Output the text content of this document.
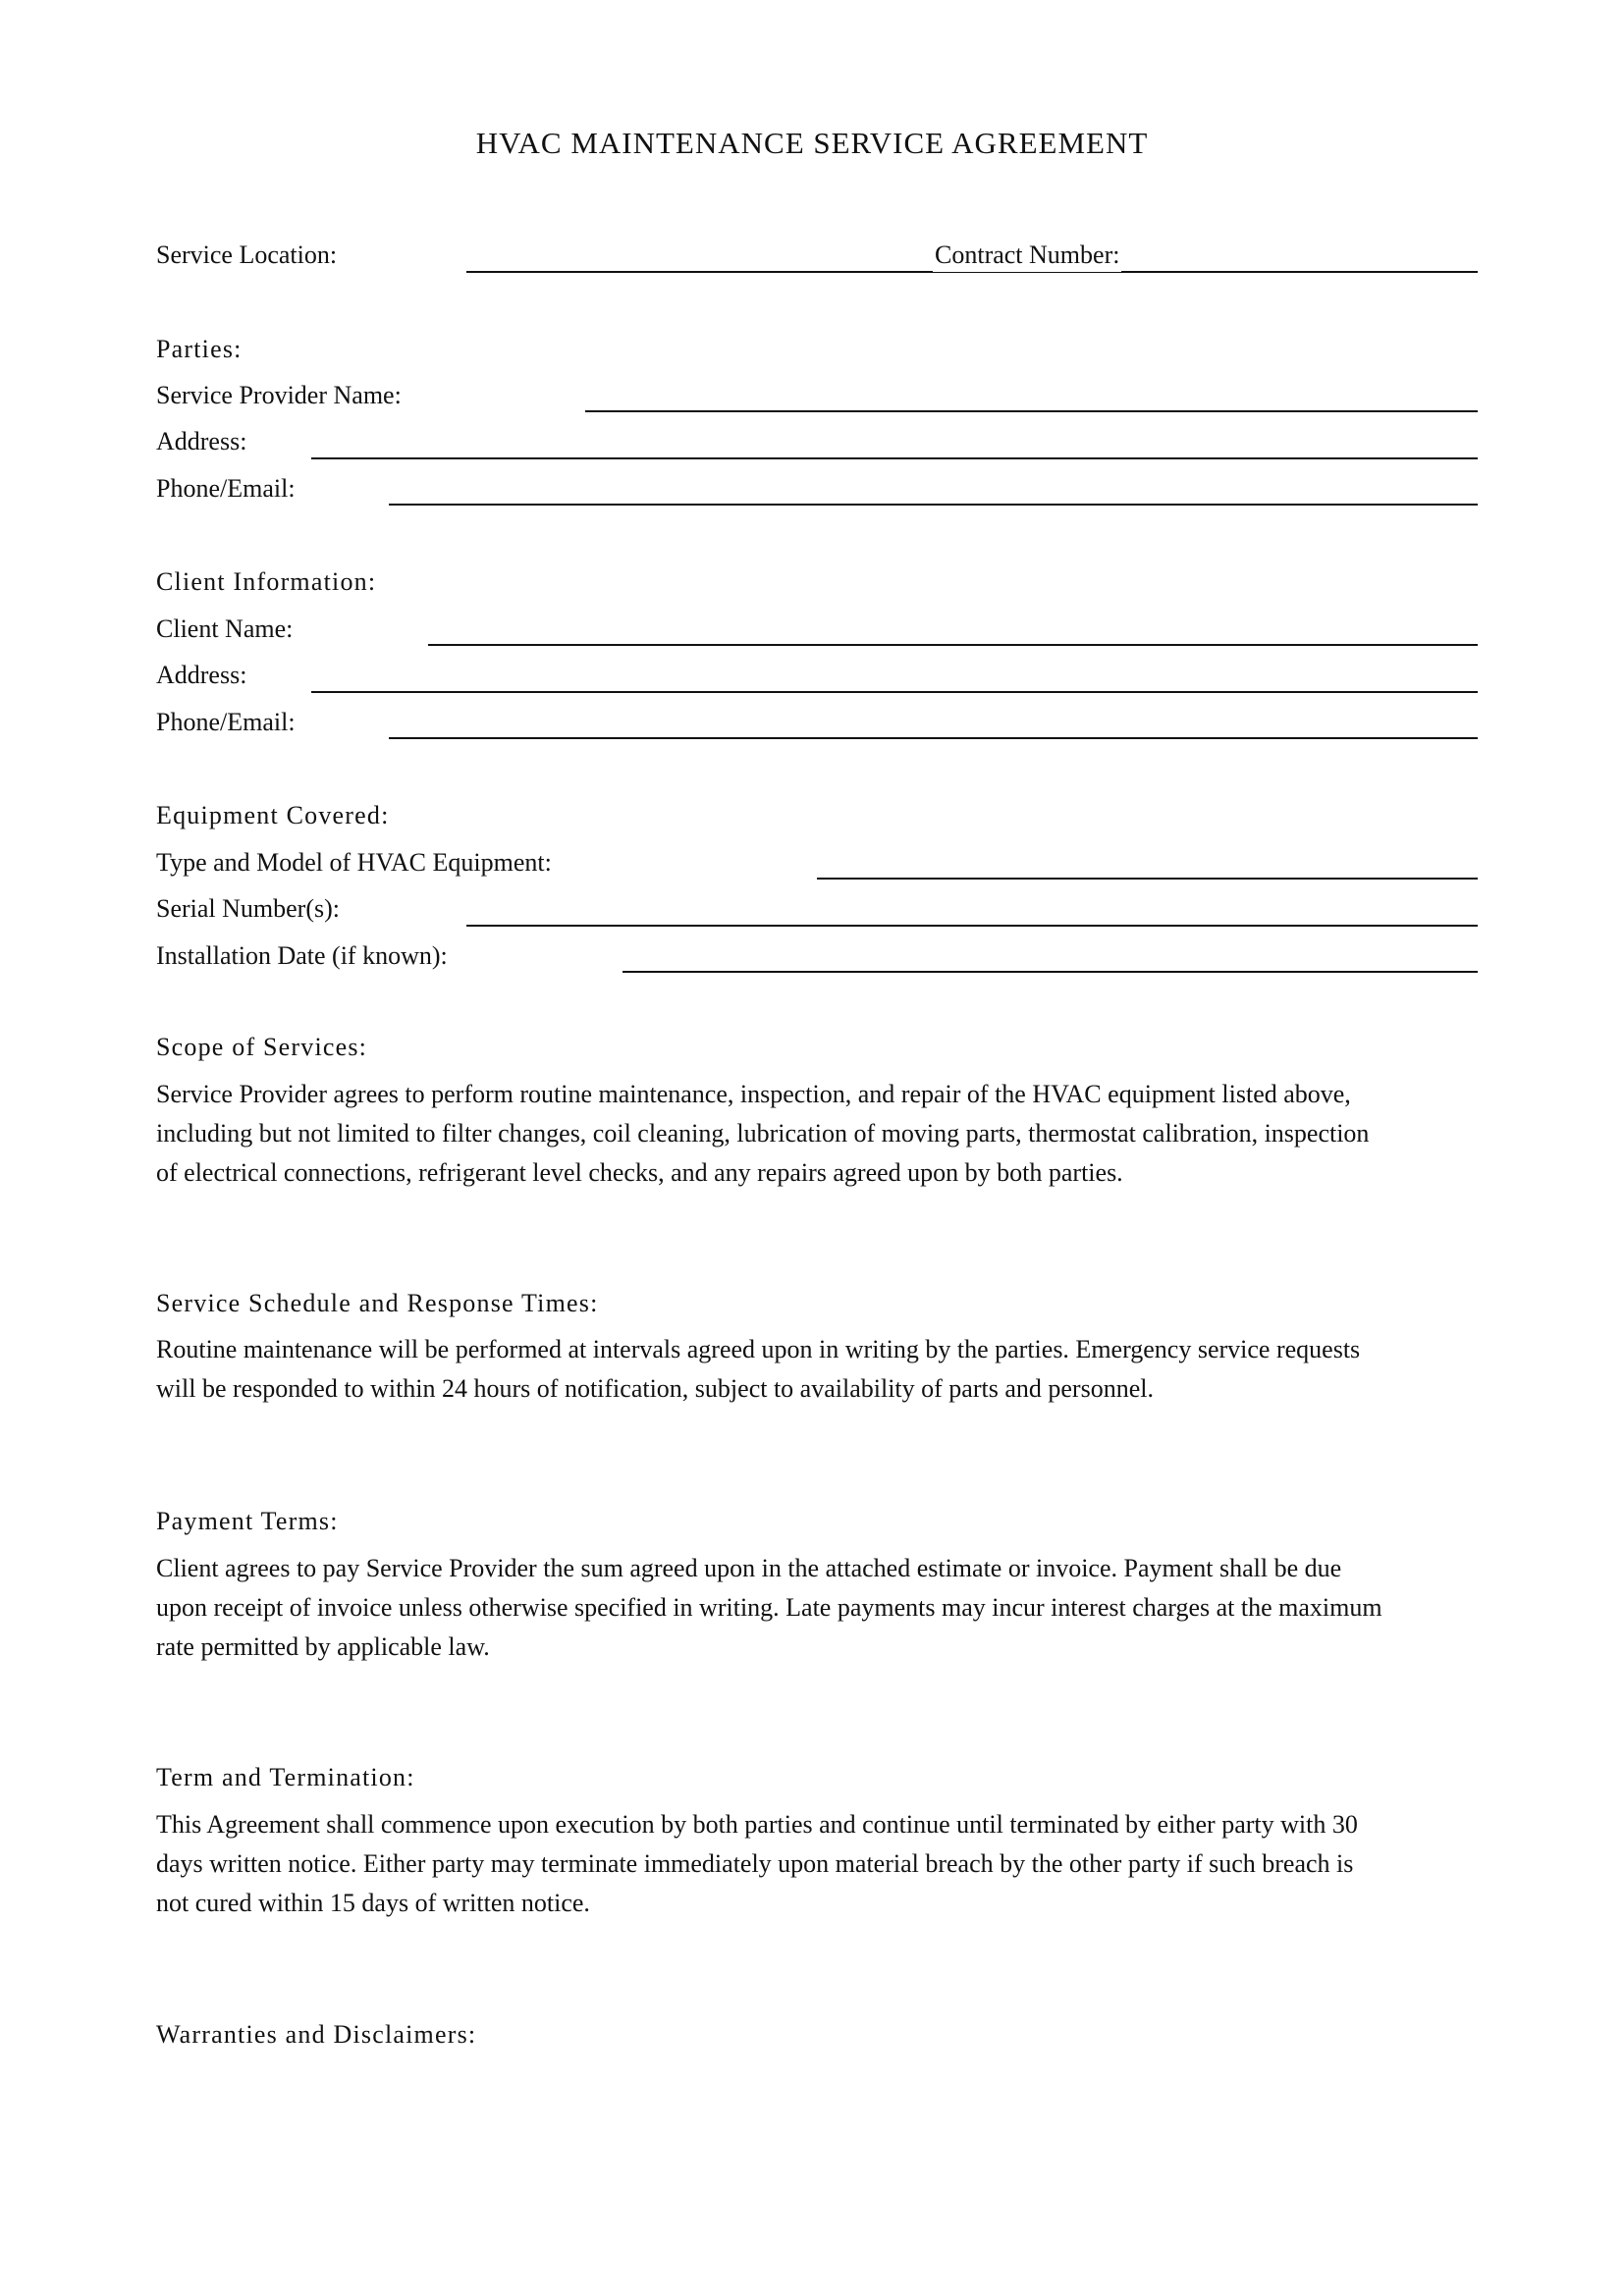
HVAC MAINTENANCE SERVICE AGREEMENT
Service Location:	Contract Number:
Parties:
Service Provider Name:
Address:
Phone/Email:
Client Information:
Client Name:
Address:
Phone/Email:
Equipment Covered:
Type and Model of HVAC Equipment:
Serial Number(s):
Installation Date (if known):
Scope of Services:
Service Provider agrees to perform routine maintenance, inspection, and repair of the HVAC equipment listed above,
including but not limited to filter changes, coil cleaning, lubrication of moving parts, thermostat calibration, inspection
of electrical connections, refrigerant level checks, and any repairs agreed upon by both parties.
Service Schedule and Response Times:
Routine maintenance will be performed at intervals agreed upon in writing by the parties. Emergency service requests
will be responded to within 24 hours of notification, subject to availability of parts and personnel.
Payment Terms:
Client agrees to pay Service Provider the sum agreed upon in the attached estimate or invoice. Payment shall be due
upon receipt of invoice unless otherwise specified in writing. Late payments may incur interest charges at the maximum
rate permitted by applicable law.
Term and Termination:
This Agreement shall commence upon execution by both parties and continue until terminated by either party with 30
days written notice. Either party may terminate immediately upon material breach by the other party if such breach is
not cured within 15 days of written notice.
Warranties and Disclaimers:
